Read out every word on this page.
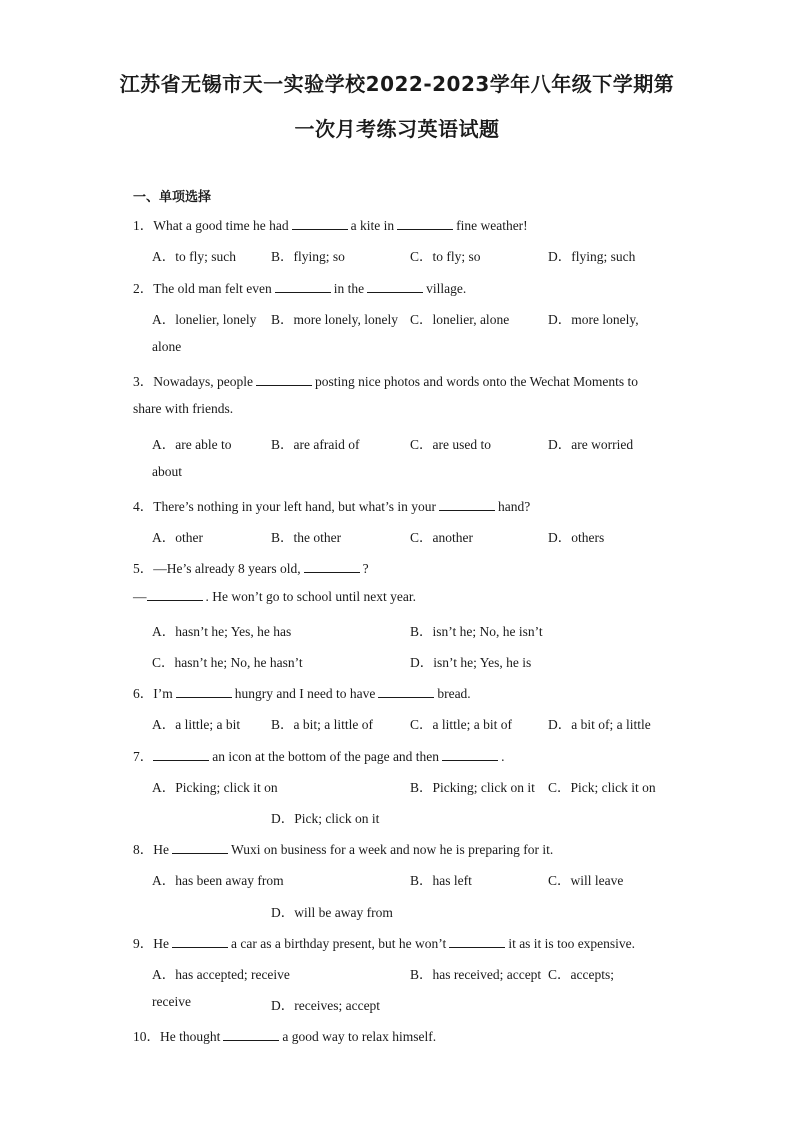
江苏省无锡市天一实验学校2022-2023学年八年级下学期第
一次月考练习英语试题
一、单项选择
1．What a good time he had	a kite in	fine weather!
A．to fly; such	B．flying; so	C．to fly; so	D．flying; such
2．The old man felt even	in the	village.
A．lonelier, lonely B．more lonely, lonely C．lonelier, alone	D．more lonely,
alone
3．Nowadays, people	posting nice photos and words onto the Wechat Moments to
share with friends.
A．are able to	B．are afraid of	C．are used to	D．are worried
about
4．There’s nothing in your left hand, but what’s in your	hand?
A．other	B．the other	C．another	D．others
5．—He’s already 8 years old,	?
—	. He won’t go to school until next year.
A．hasn’t he; Yes, he has	B．isn’t he; No, he isn’t
C．hasn’t he; No, he hasn’t	D．isn’t he; Yes, he is
6．I’m	hungry and I need to have	bread.
A．a little; a bit B．a bit; a little of	C．a little; a bit of	D．a bit of; a little
7．	an icon at the bottom of the page and then	.
A．Picking; click it on	B．Picking; click on it C．Pick; click it on
D．Pick; click on it
8．He	Wuxi on business for a week and now he is preparing for it.
A．has been away from	B．has left	C．will leave
D．will be away from
9．He	a car as a birthday present, but he won’t	it as it is too expensive.
A．has accepted; receive	B．has received; accept C．accepts;
receive	D．receives; accept
10．He thought	a good way to relax himself.
